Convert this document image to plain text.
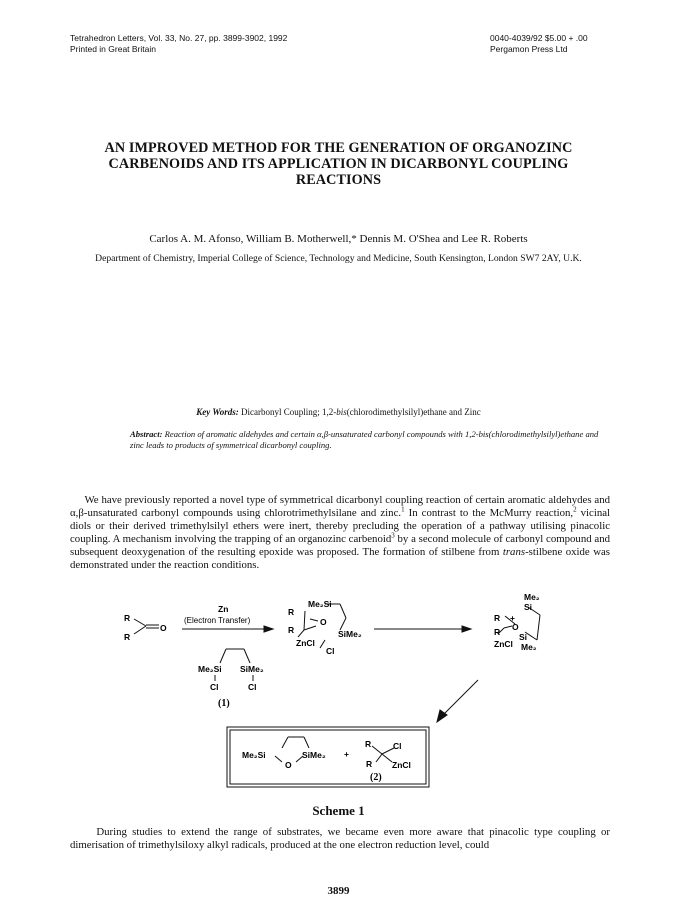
Tetrahedron Letters, Vol. 33, No. 27, pp. 3899-3902, 1992
Printed in Great Britain
0040-4039/92 $5.00 + .00
Pergamon Press Ltd
AN IMPROVED METHOD FOR THE GENERATION OF ORGANOZINC
CARBENOIDS AND ITS APPLICATION IN DICARBONYL COUPLING
REACTIONS
Carlos A. M. Afonso, William B. Motherwell,* Dennis M. O'Shea and Lee R. Roberts
Department of Chemistry, Imperial College of Science, Technology and Medicine, South Kensington, London SW7 2AY, U.K.
Key Words: Dicarbonyl Coupling; 1,2-bis(chlorodimethylsilyl)ethane and Zinc
Abstract: Reaction of aromatic aldehydes and certain α,β-unsaturated carbonyl compounds with 1,2-bis(chlorodimethylsilyl)ethane and zinc leads to products of symmetrical dicarbonyl coupling.
We have previously reported a novel type of symmetrical dicarbonyl coupling reaction of certain aromatic aldehydes and α,β-unsaturated carbonyl compounds using chlorotrimethylsilane and zinc.$^1$ In contrast to the McMurry reaction,$^2$ vicinal diols or their derived trimethylsilyl ethers were inert, thereby precluding the operation of a pathway utilising pinacolic coupling. A mechanism involving the trapping of an organozinc carbenoid$^3$ by a second molecule of carbonyl compound and subsequent deoxygenation of the resulting epoxide was proposed. The formation of stilbene from trans-stilbene oxide was demonstrated under the reaction conditions.
R
R
O
Zn
(Electron Transfer)
Me₂Si SiMe₂
Cl	Cl
(1)
Me₂Si
R
O
R	SiMe₂
ZnCl
Cl
Me₂
Si
R +
O
R Si
ZnCl Me₂
Me₂Si	SiMe₂
O
+
R	Cl
R ZnCl
(2)
Scheme 1
During studies to extend the range of substrates, we became even more aware that pinacolic type coupling or dimerisation of trimethylsiloxy alkyl radicals, produced at the one electron reduction level, could
3899
